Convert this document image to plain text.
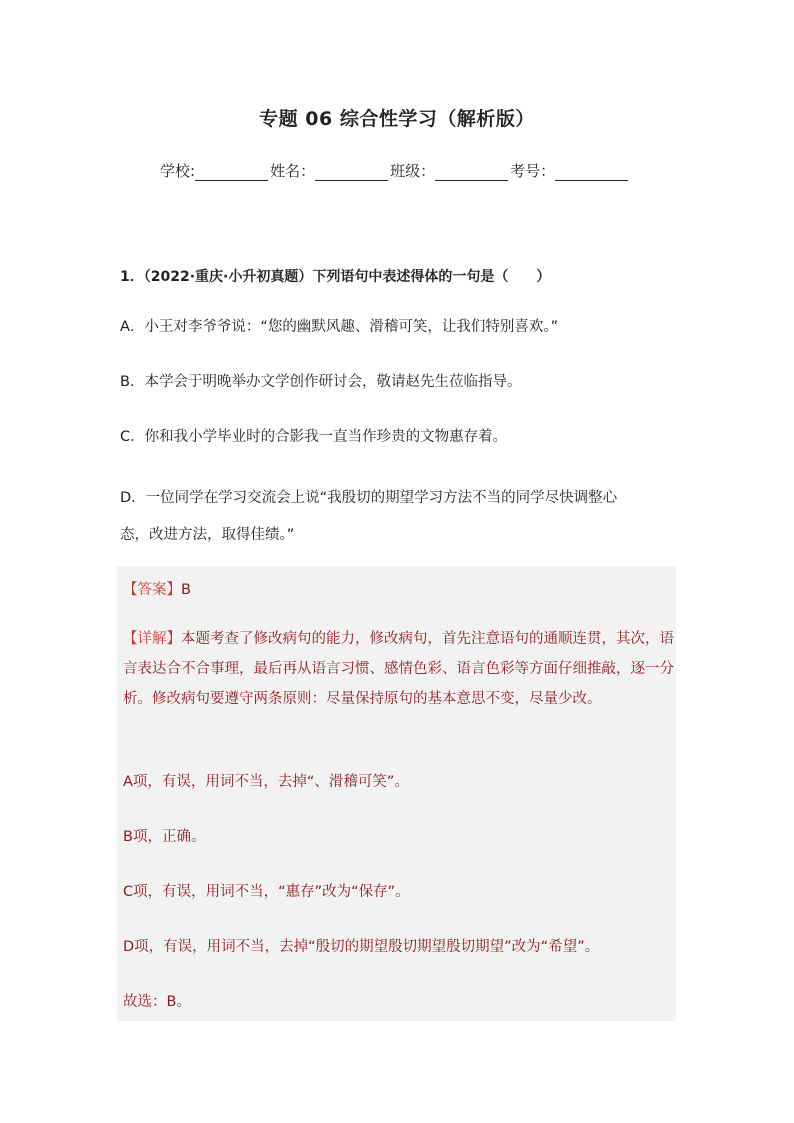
专题 06 综合性学习（解析版）
学校:	姓名：	班级：	考号：
1．（2022·重庆·小升初真题）下列语句中表述得体的一句是（　　）
A．小王对李爷爷说：“您的幽默风趣、滑稽可笑，让我们特别喜欢。”
B．本学会于明晚举办文学创作研讨会，敬请赵先生莅临指导。
C．你和我小学毕业时的合影我一直当作珍贵的文物惠存着。
D．一位同学在学习交流会上说“我殷切的期望学习方法不当的同学尽快调整心
态，改进方法，取得佳绩。”
【答案】B
【详解】本题考查了修改病句的能力，修改病句，首先注意语句的通顺连贯，其次，语言表达合不合事理，最后再从语言习惯、感情色彩、语言色彩等方面仔细推敲，逐一分析。修改病句要遵守两条原则：尽量保持原句的基本意思不变，尽量少改。
A项，有误，用词不当，去掉“、滑稽可笑”。
B项，正确。
C项，有误，用词不当，“惠存”改为“保存”。
D项，有误，用词不当，去掉“殷切的期望殷切期望殷切期望”改为“希望”。
故选：B。
